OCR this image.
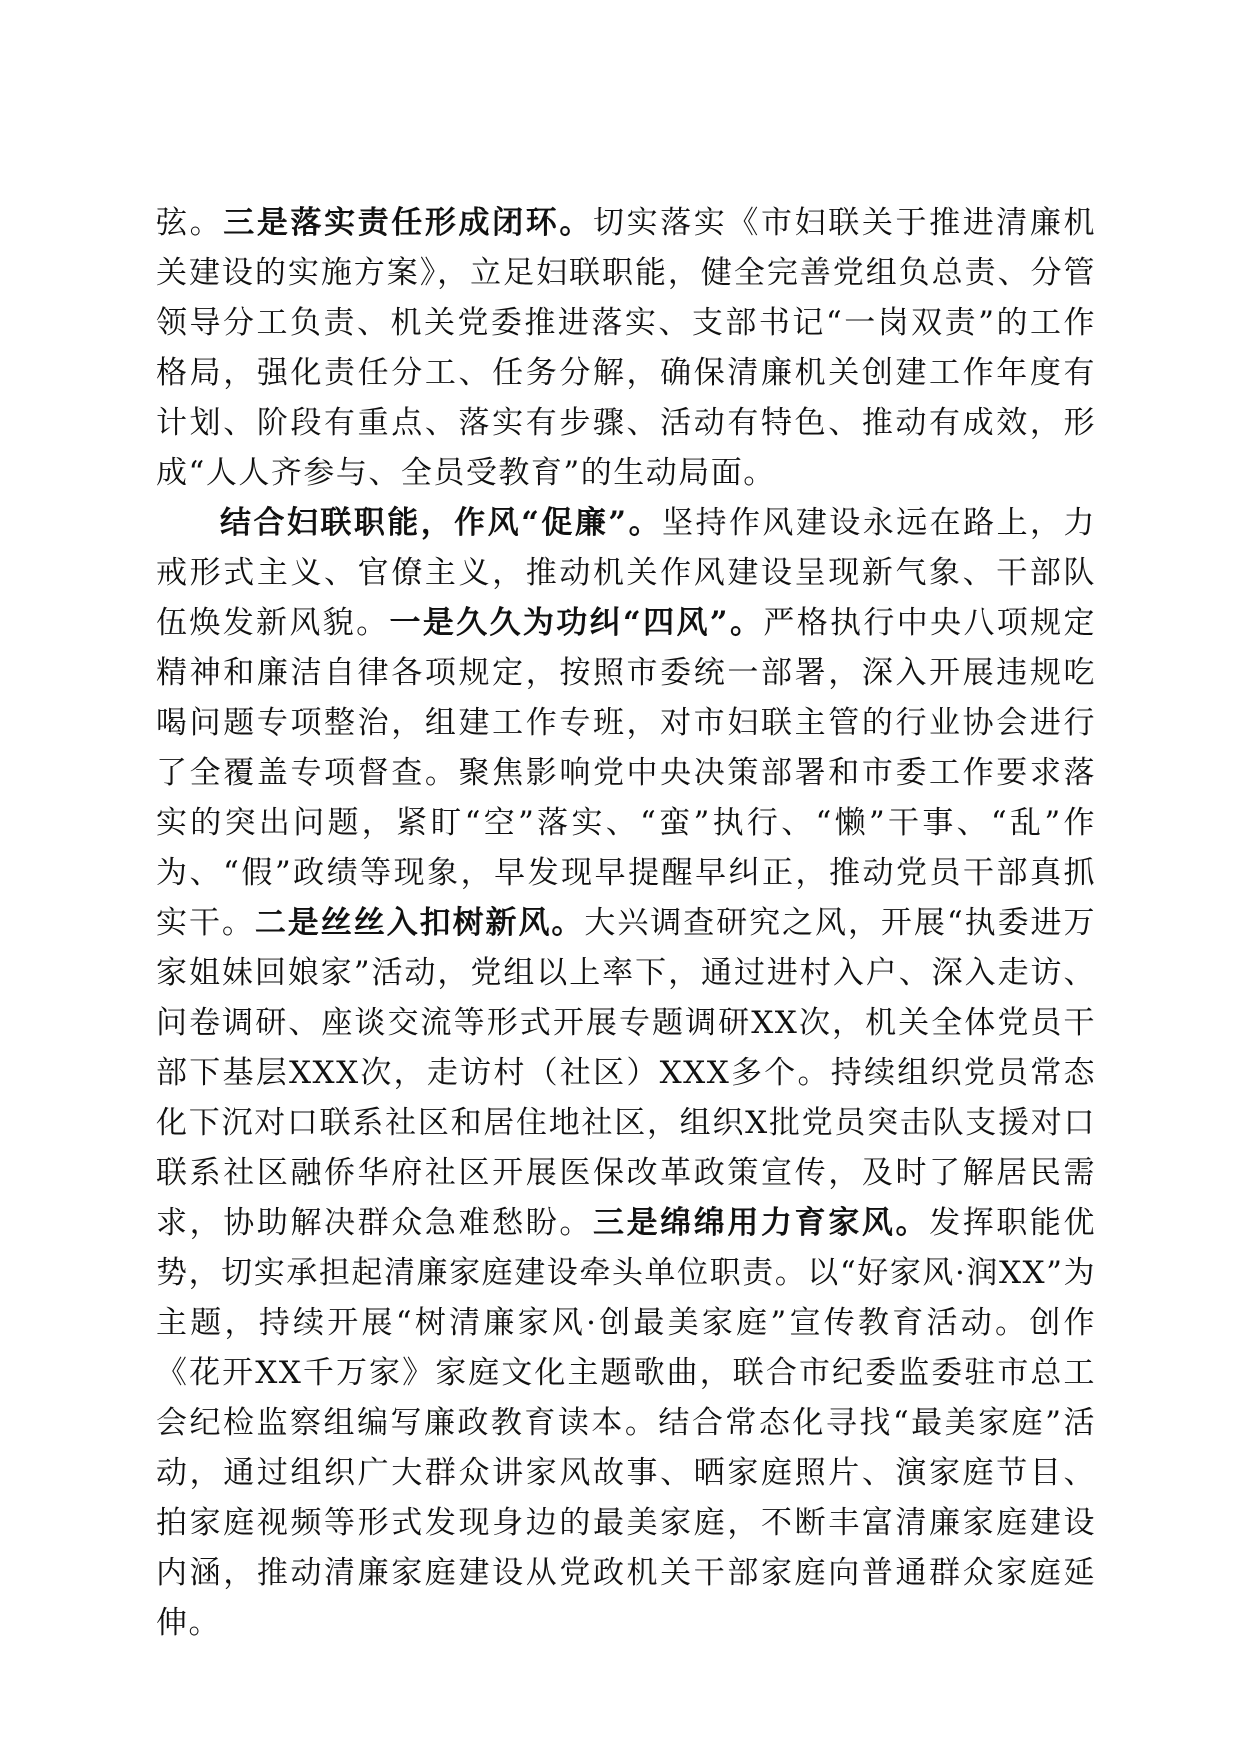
弦。三是落实责任形成闭环。切实落实《市妇联关于推进清廉机关建设的实施方案》，立足妇联职能，健全完善党组负总责、分管领导分工负责、机关党委推进落实、支部书记“一岗双责”的工作格局，强化责任分工、任务分解，确保清廉机关创建工作年度有计划、阶段有重点、落实有步骤、活动有特色、推动有成效，形成“人人齐参与、全员受教育”的生动局面。

结合妇联职能，作风“促廉”。坚持作风建设永远在路上，力戒形式主义、官僚主义，推动机关作风建设呈现新气象、干部队伍焕发新风貌。一是久久为功纠“四风”。严格执行中央八项规定精神和廉洁自律各项规定，按照市委统一部署，深入开展违规吃喝问题专项整治，组建工作专班，对市妇联主管的行业协会进行了全覆盖专项督查。聚焦影响党中央决策部署和市委工作要求落实的突出问题，紧盯“空”落实、“蛮”执行、“懒”干事、“乱”作为、“假”政绩等现象，早发现早提醒早纠正，推动党员干部真抓实干。二是丝丝入扣树新风。大兴调查研究之风，开展“执委进万家姐妹回娘家”活动，党组以上率下，通过进村入户、深入走访、问卷调研、座谈交流等形式开展专题调研XX次，机关全体党员干部下基层XXX次，走访村（社区）XXX多个。持续组织党员常态化下沉对口联系社区和居住地社区，组织X批党员突击队支援对口联系社区融侨华府社区开展医保改革政策宣传，及时了解居民需求，协助解决群众急难愁盼。三是绵绵用力育家风。发挥职能优势，切实承担起清廉家庭建设牵头单位职责。以“好家风·润XX”为主题，持续开展“树清廉家风·创最美家庭”宣传教育活动。创作《花开XX千万家》家庭文化主题歌曲，联合市纪委监委驻市总工会纪检监察组编写廉政教育读本。结合常态化寻找“最美家庭”活动，通过组织广大群众讲家风故事、晒家庭照片、演家庭节目、拍家庭视频等形式发现身边的最美家庭，不断丰富清廉家庭建设内涵，推动清廉家庭建设从党政机关干部家庭向普通群众家庭延伸。
